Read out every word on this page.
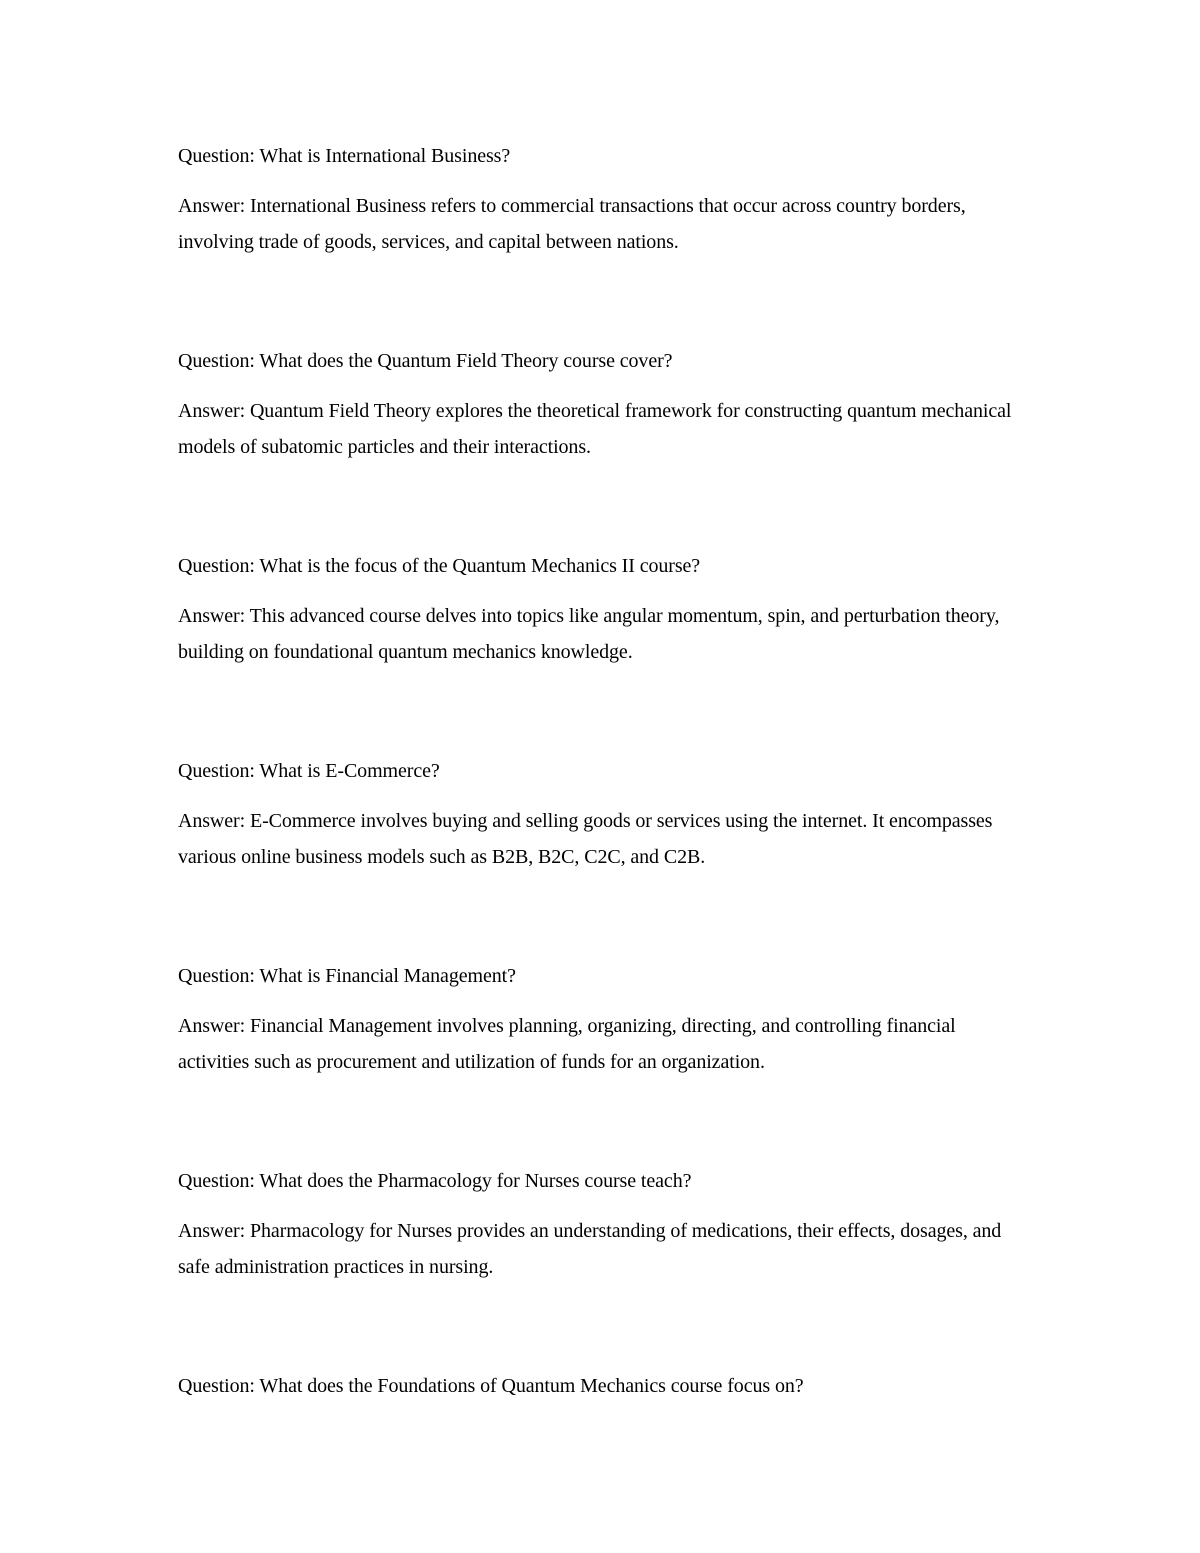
Question: What is International Business?

Answer: International Business refers to commercial transactions that occur across country borders, involving trade of goods, services, and capital between nations.

Question: What does the Quantum Field Theory course cover?

Answer: Quantum Field Theory explores the theoretical framework for constructing quantum mechanical models of subatomic particles and their interactions.

Question: What is the focus of the Quantum Mechanics II course?

Answer: This advanced course delves into topics like angular momentum, spin, and perturbation theory, building on foundational quantum mechanics knowledge.

Question: What is E-Commerce?

Answer: E-Commerce involves buying and selling goods or services using the internet. It encompasses various online business models such as B2B, B2C, C2C, and C2B.

Question: What is Financial Management?

Answer: Financial Management involves planning, organizing, directing, and controlling financial activities such as procurement and utilization of funds for an organization.

Question: What does the Pharmacology for Nurses course teach?

Answer: Pharmacology for Nurses provides an understanding of medications, their effects, dosages, and safe administration practices in nursing.

Question: What does the Foundations of Quantum Mechanics course focus on?
